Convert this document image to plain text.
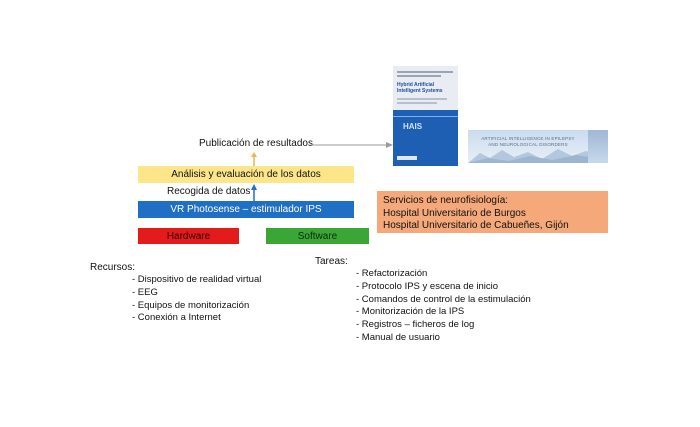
Publicación de resultados
Análisis y evaluación de los datos
Recogida de datos
VR Photosense – estimulador IPS
Hardware	Software
Servicios de neurofisiología:
Hospital Universitario de Burgos
Hospital Universitario de Cabueñes, Gijón
Hybrid Artificial Intelligent Systems
HAIS
ARTIFICIAL INTELLIGENCE IN EPILEPSY AND NEUROLOGICAL DISORDERS
Recursos:
- Dispositivo de realidad virtual
- EEG
- Equipos de monitorización
- Conexión a Internet
Tareas:
- Refactorización
- Protocolo IPS y escena de inicio
- Comandos de control de la estimulación
- Monitorización de la IPS
- Registros – ficheros de log
- Manual de usuario
